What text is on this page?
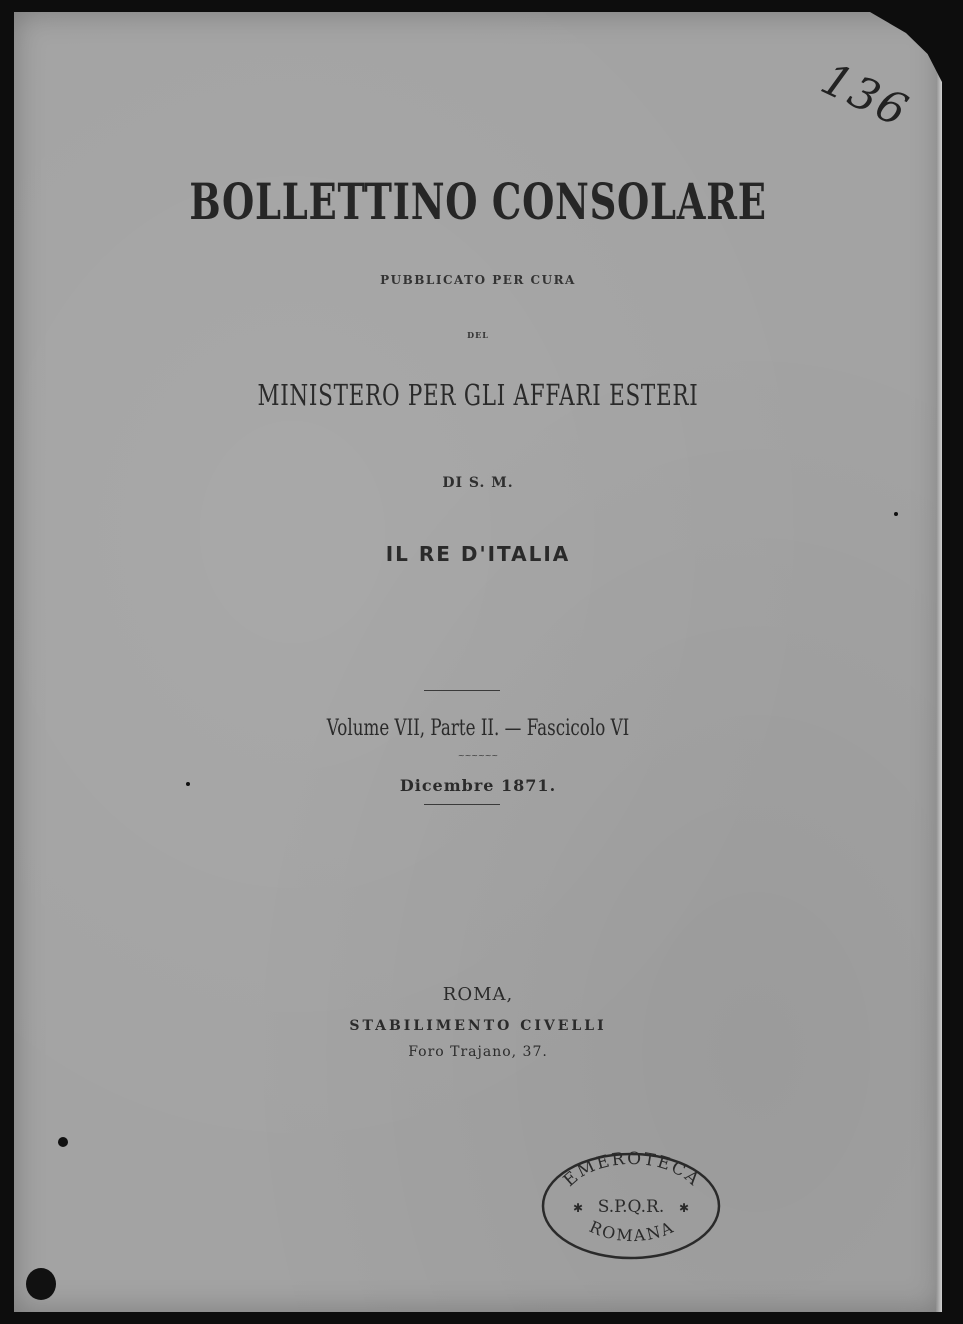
136
BOLLETTINO CONSOLARE
PUBBLICATO PER CURA
DEL
MINISTERO PER GLI AFFARI ESTERI
DI S. M.
IL RE D'ITALIA
Volume VII, Parte II. — Fascicolo VI
~~~~~~
Dicembre 1871.
ROMA,
STABILIMENTO CIVELLI
Foro Trajano, 37.
EMEROTECA
S.P.Q.R.
✱	✱
ROMANA
